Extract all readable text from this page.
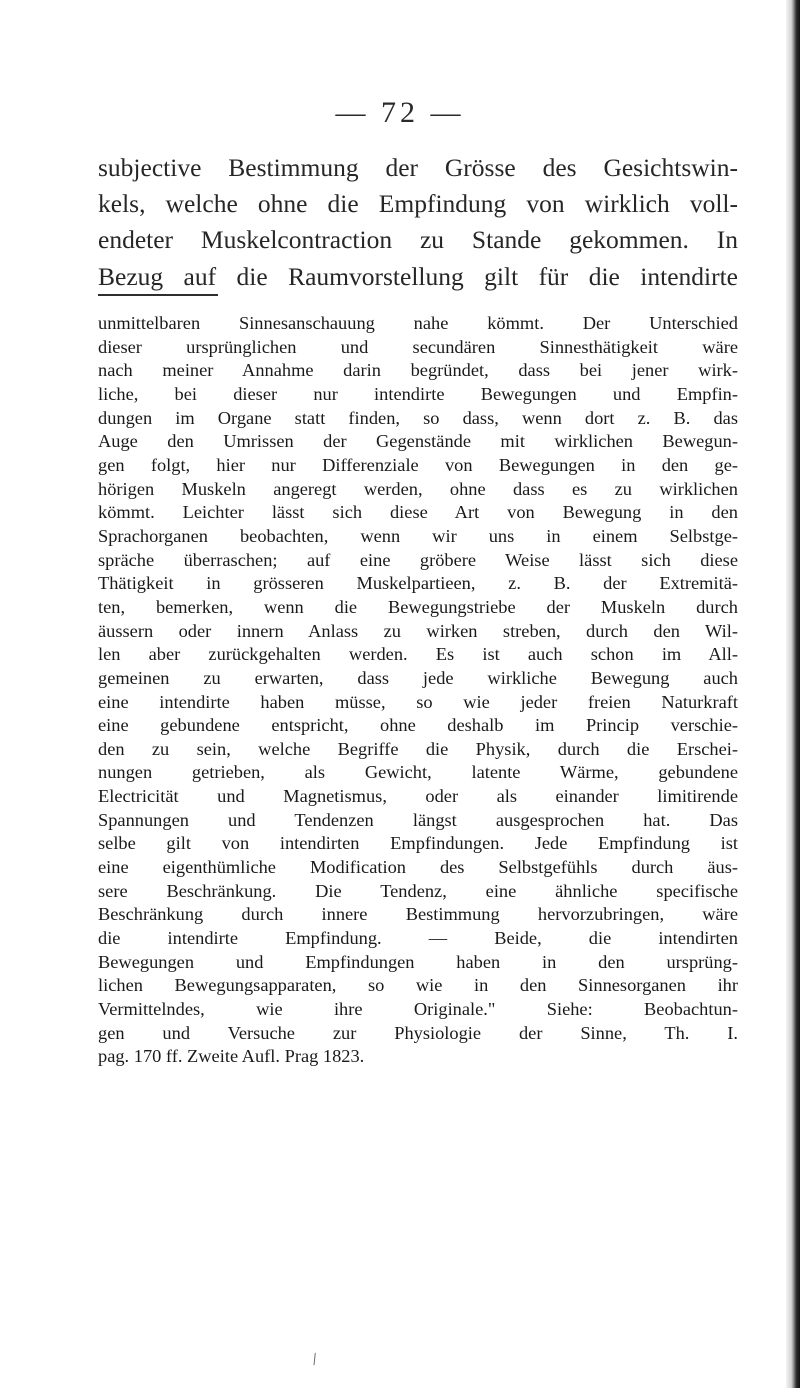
— 72 —
subjective Bestimmung der Grösse des Gesichtswin-
kels, welche ohne die Empfindung von wirklich voll-
endeter Muskelcontraction zu Stande gekommen. In
Bezug auf die Raumvorstellung gilt für die intendirte
unmittelbaren Sinnesanschauung nahe kömmt. Der Unterschied
dieser ursprünglichen und secundären Sinnesthätigkeit wäre
nach meiner Annahme darin begründet, dass bei jener wirk-
liche, bei dieser nur intendirte Bewegungen und Empfin-
dungen im Organe statt finden, so dass, wenn dort z. B. das
Auge den Umrissen der Gegenstände mit wirklichen Bewegun-
gen folgt, hier nur Differenziale von Bewegungen in den ge-
hörigen Muskeln angeregt werden, ohne dass es zu wirklichen
kömmt. Leichter lässt sich diese Art von Bewegung in den
Sprachorganen beobachten, wenn wir uns in einem Selbstge-
spräche überraschen; auf eine gröbere Weise lässt sich diese
Thätigkeit in grösseren Muskelpartieen, z. B. der Extremitä-
ten, bemerken, wenn die Bewegungstriebe der Muskeln durch
äussern oder innern Anlass zu wirken streben, durch den Wil-
len aber zurückgehalten werden. Es ist auch schon im All-
gemeinen zu erwarten, dass jede wirkliche Bewegung auch
eine intendirte haben müsse, so wie jeder freien Naturkraft
eine gebundene entspricht, ohne deshalb im Princip verschie-
den zu sein, welche Begriffe die Physik, durch die Erschei-
nungen getrieben, als Gewicht, latente Wärme, gebundene
Electricität und Magnetismus, oder als einander limitirende
Spannungen und Tendenzen längst ausgesprochen hat. Das
selbe gilt von intendirten Empfindungen. Jede Empfindung ist
eine eigenthümliche Modification des Selbstgefühls durch äus-
sere Beschränkung. Die Tendenz, eine ähnliche specifische
Beschränkung durch innere Bestimmung hervorzubringen, wäre
die intendirte Empfindung. — Beide, die intendirten
Bewegungen und Empfindungen haben in den ursprüng-
lichen Bewegungsapparaten, so wie in den Sinnesorganen ihr
Vermittelndes, wie ihre Originale." Siehe: Beobachtun-
gen und Versuche zur Physiologie der Sinne, Th. I.
pag. 170 ff. Zweite Aufl. Prag 1823.
⁄
